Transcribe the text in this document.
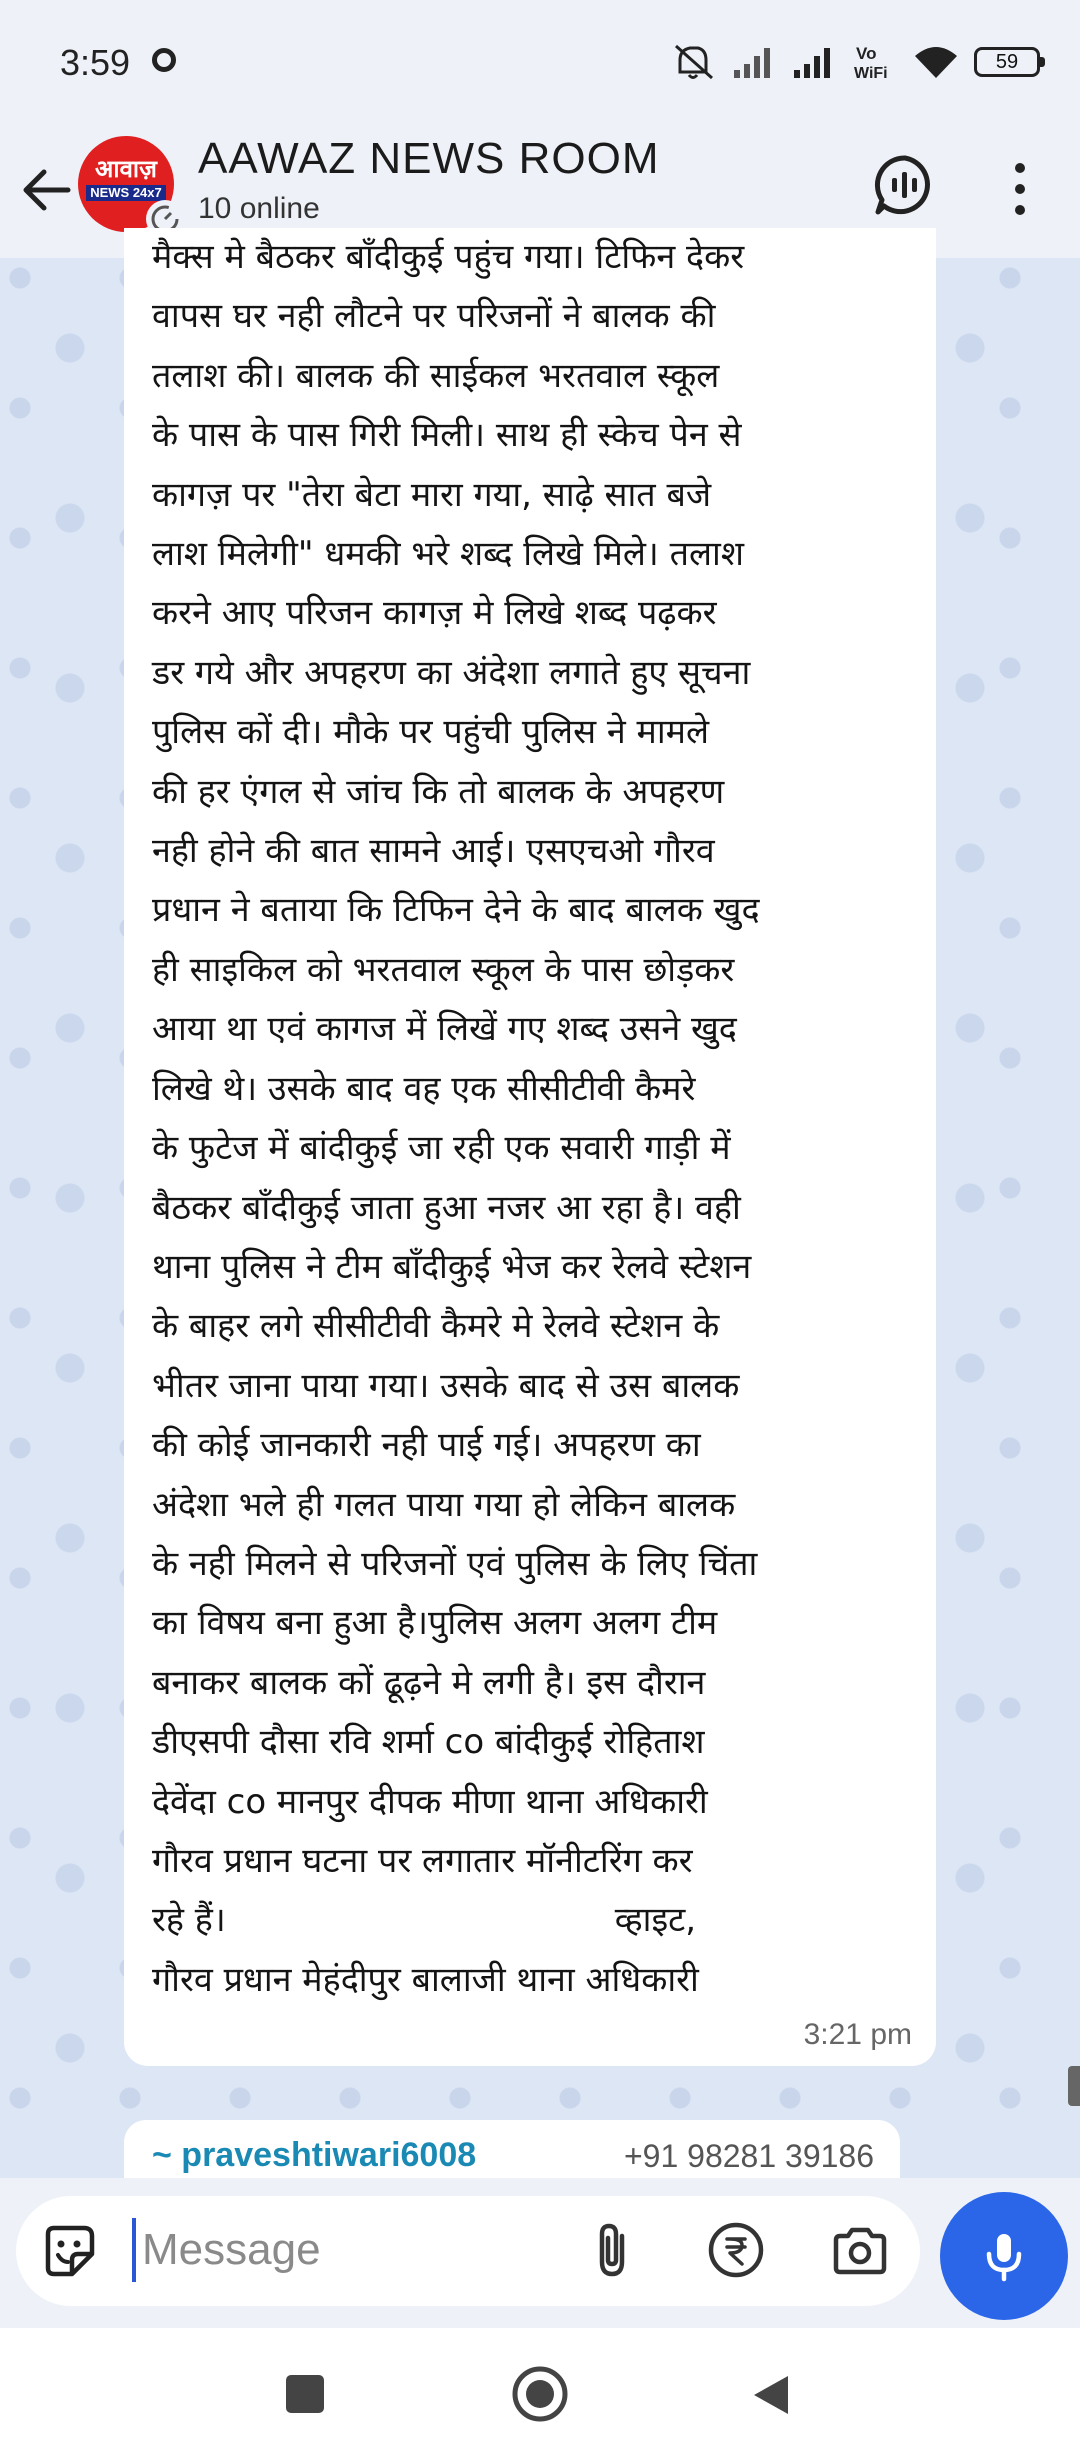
3:59	Vo
WiFi
59
आवाज़
NEWS 24x7
AAWAZ NEWS ROOM
10 online
मैक्स मे बैठकर बाँदीकुई पहुंच गया। टिफिन देकर
वापस घर नही लौटने पर परिजनों ने बालक की
तलाश की। बालक की साईकल भरतवाल स्कूल
के पास के पास गिरी मिली। साथ ही स्केच पेन से
कागज़ पर "तेरा बेटा मारा गया, साढ़े सात बजे
लाश मिलेगी" धमकी भरे शब्द लिखे मिले। तलाश
करने आए परिजन कागज़ मे लिखे शब्द पढ़कर
डर गये और अपहरण का अंदेशा लगाते हुए सूचना
पुलिस कों दी। मौके पर पहुंची पुलिस ने मामले
की हर एंगल से जांच कि तो बालक के अपहरण
नही होने की बात सामने आई। एसएचओ गौरव
प्रधान ने बताया कि टिफिन देने के बाद बालक खुद
ही साइकिल को भरतवाल स्कूल के पास छोड़कर
आया था एवं कागज में लिखें गए शब्द उसने खुद
लिखे थे। उसके बाद वह एक सीसीटीवी कैमरे
के फुटेज में बांदीकुई जा रही एक सवारी गाड़ी में
बैठकर बाँदीकुई जाता हुआ नजर आ रहा है। वही
थाना पुलिस ने टीम बाँदीकुई भेज कर रेलवे स्टेशन
के बाहर लगे सीसीटीवी कैमरे मे रेलवे स्टेशन के
भीतर जाना पाया गया। उसके बाद से उस बालक
की कोई जानकारी नही पाई गई। अपहरण का
अंदेशा भले ही गलत पाया गया हो लेकिन बालक
के नही मिलने से परिजनों एवं पुलिस के लिए चिंता
का विषय बना हुआ है।पुलिस अलग अलग टीम
बनाकर बालक कों ढूढ़ने मे लगी है। इस दौरान
डीएसपी दौसा रवि शर्मा co बांदीकुई रोहिताश
देवेंदा co मानपुर दीपक मीणा थाना अधिकारी
गौरव प्रधान घटना पर लगातार मॉनीटरिंग कर
रहे हैं।                                    व्हाइट,
गौरव प्रधान मेहंदीपुर बालाजी थाना अधिकारी
3:21 pm
~ praveshtiwari6008	+91 98281 39186
Message
